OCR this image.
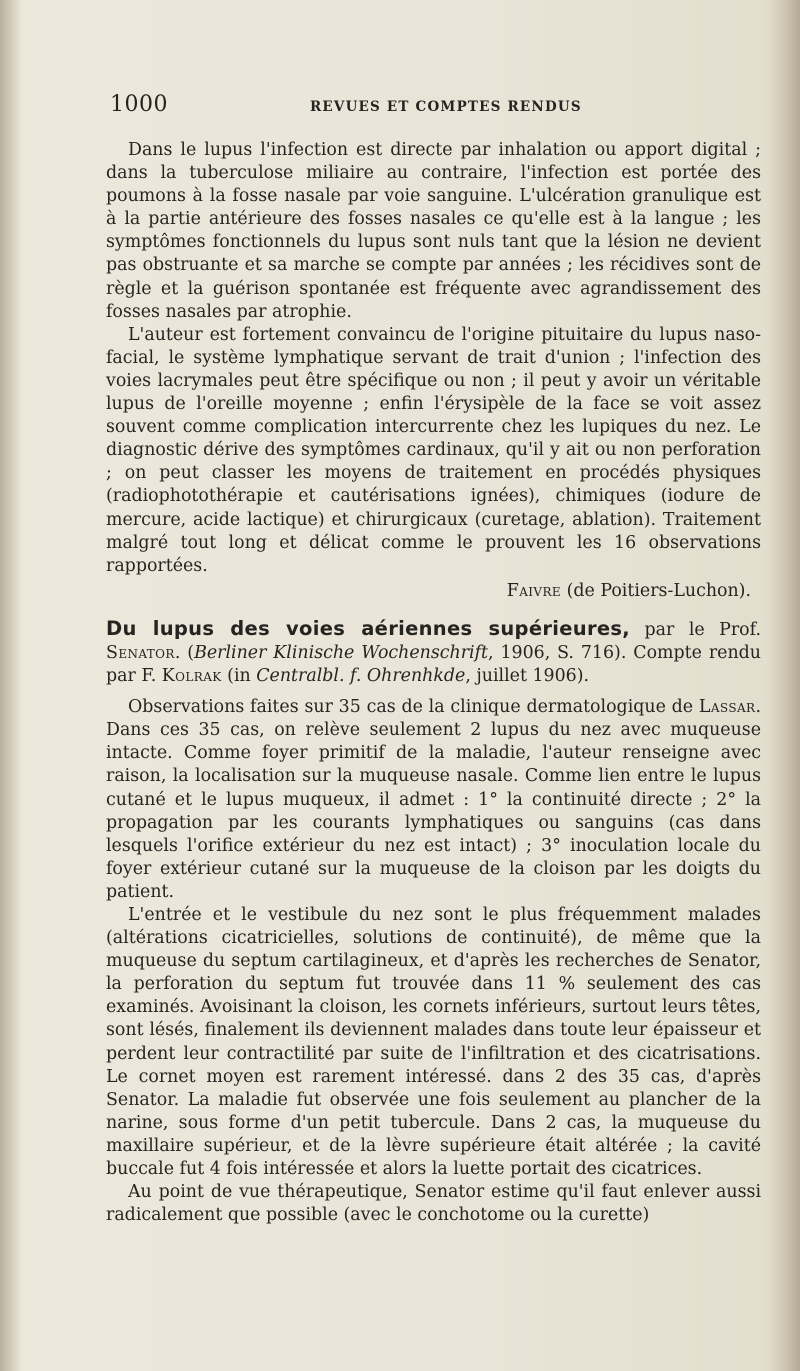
1000	REVUES ET COMPTES RENDUS

Dans le lupus l'infection est directe par inhalation ou apport digital ; dans la tuberculose miliaire au contraire, l'infection est portée des poumons à la fosse nasale par voie sanguine. L'ulcération granulique est à la partie antérieure des fosses nasales ce qu'elle est à la langue ; les symptômes fonctionnels du lupus sont nuls tant que la lésion ne devient pas obstruante et sa marche se compte par années ; les récidives sont de règle et la guérison spontanée est fréquente avec agrandissement des fosses nasales par atrophie.

L'auteur est fortement convaincu de l'origine pituitaire du lupus naso-facial, le système lymphatique servant de trait d'union ; l'infection des voies lacrymales peut être spécifique ou non ; il peut y avoir un véritable lupus de l'oreille moyenne ; enfin l'érysipèle de la face se voit assez souvent comme complication intercurrente chez les lupiques du nez. Le diagnostic dérive des symptômes cardinaux, qu'il y ait ou non perforation ; on peut classer les moyens de traitement en procédés physiques (radiophotothérapie et cautérisations ignées), chimiques (iodure de mercure, acide lactique) et chirurgicaux (curetage, ablation). Traitement malgré tout long et délicat comme le prouvent les 16 observations rapportées.

Faivre (de Poitiers-Luchon).

Du lupus des voies aériennes supérieures, par le Prof. Senator. (Berliner Klinische Wochenschrift, 1906, S. 716). Compte rendu par F. Kolrak (in Centralbl. f. Ohrenhkde, juillet 1906).

Observations faites sur 35 cas de la clinique dermatologique de Lassar. Dans ces 35 cas, on relève seulement 2 lupus du nez avec muqueuse intacte. Comme foyer primitif de la maladie, l'auteur renseigne avec raison, la localisation sur la muqueuse nasale. Comme lien entre le lupus cutané et le lupus muqueux, il admet : 1° la continuité directe ; 2° la propagation par les courants lymphatiques ou sanguins (cas dans lesquels l'orifice extérieur du nez est intact) ; 3° inoculation locale du foyer extérieur cutané sur la muqueuse de la cloison par les doigts du patient.

L'entrée et le vestibule du nez sont le plus fréquemment malades (altérations cicatricielles, solutions de continuité), de même que la muqueuse du septum cartilagineux, et d'après les recherches de Senator, la perforation du septum fut trouvée dans 11 % seulement des cas examinés. Avoisinant la cloison, les cornets inférieurs, surtout leurs têtes, sont lésés, finalement ils deviennent malades dans toute leur épaisseur et perdent leur contractilité par suite de l'infiltration et des cicatrisations. Le cornet moyen est rarement intéressé. dans 2 des 35 cas, d'après Senator. La maladie fut observée une fois seulement au plancher de la narine, sous forme d'un petit tubercule. Dans 2 cas, la muqueuse du maxillaire supérieur, et de la lèvre supérieure était altérée ; la cavité buccale fut 4 fois intéressée et alors la luette portait des cicatrices.

Au point de vue thérapeutique, Senator estime qu'il faut enlever aussi radicalement que possible (avec le conchotome ou la curette)
